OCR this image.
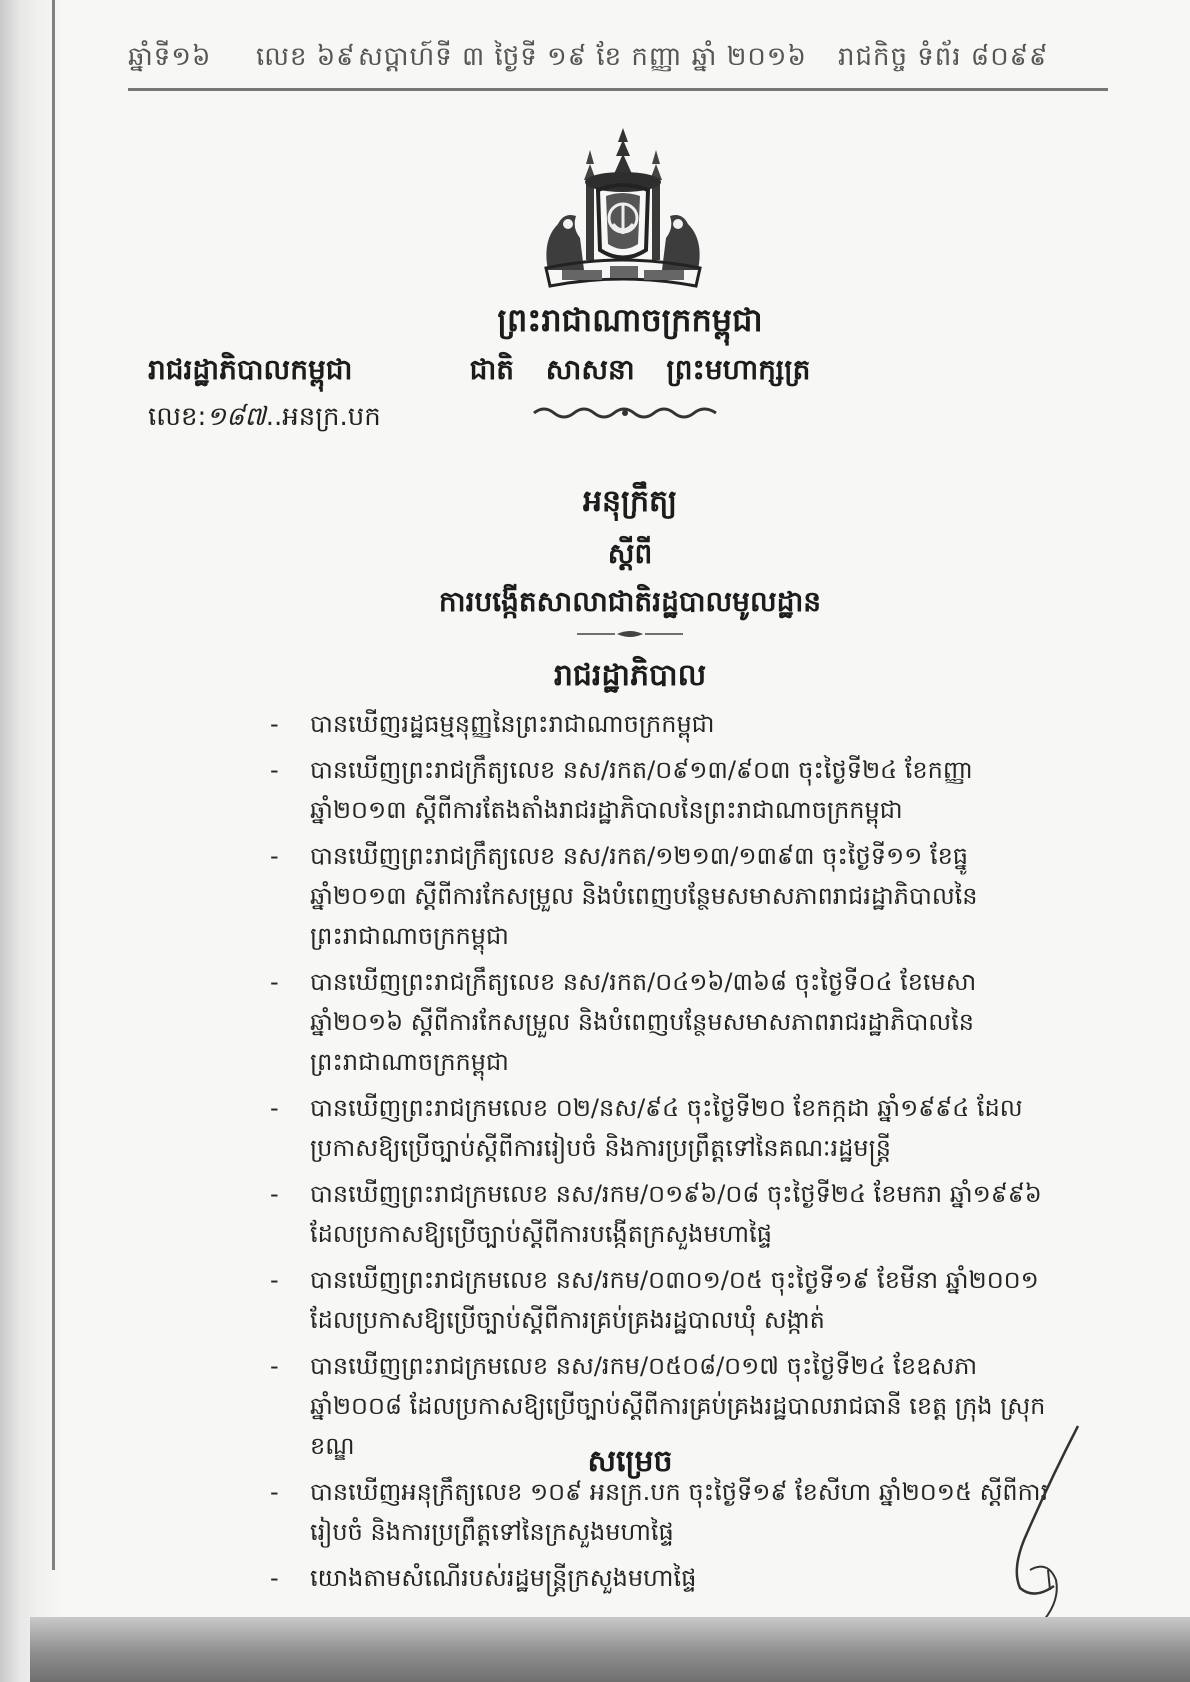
ឆ្នាំទី១៦ លេខ ៦៩ សប្ដាហ៍ទី ៣ ថ្ងៃទី ១៩ ខែ កញ្ញា ឆ្នាំ ២០១៦ រាជកិច្ច ទំព័រ ៨០៩៩
ព្រះរាជាណាចក្រកម្ពុជា
ជាតិ សាសនា ព្រះមហាក្សត្រ
រាជរដ្ឋាភិបាលកម្ពុជា
លេខ:១៨៧..អនក្រ.បក
អនុក្រឹត្យ
ស្ដីពី
ការបង្កើតសាលាជាតិរដ្ឋបាលមូលដ្ឋាន
រាជរដ្ឋាភិបាល
- បានឃើញរដ្ឋធម្មនុញ្ញនៃព្រះរាជាណាចក្រកម្ពុជា
- បានឃើញព្រះរាជក្រឹត្យលេខ នស/រកត/០៩១៣/៩០៣ ចុះថ្ងៃទី២៤ ខែកញ្ញា ឆ្នាំ២០១៣ ស្ដីពីការតែងតាំងរាជរដ្ឋាភិបាលនៃព្រះរាជាណាចក្រកម្ពុជា
- បានឃើញព្រះរាជក្រឹត្យលេខ នស/រកត/១២១៣/១៣៩៣ ចុះថ្ងៃទី១១ ខែធ្នូ ឆ្នាំ២០១៣ ស្ដីពីការកែសម្រួល និងបំពេញបន្ថែមសមាសភាពរាជរដ្ឋាភិបាលនៃព្រះរាជាណាចក្រកម្ពុជា
- បានឃើញព្រះរាជក្រឹត្យលេខ នស/រកត/០៤១៦/៣៦៨ ចុះថ្ងៃទី០៤ ខែមេសា ឆ្នាំ២០១៦ ស្ដីពីការកែសម្រួល និងបំពេញបន្ថែមសមាសភាពរាជរដ្ឋាភិបាលនៃព្រះរាជាណាចក្រកម្ពុជា
- បានឃើញព្រះរាជក្រមលេខ ០២/នស/៩៤ ចុះថ្ងៃទី២០ ខែកក្កដា ឆ្នាំ១៩៩៤ ដែលប្រកាសឱ្យប្រើច្បាប់ស្ដីពីការរៀបចំ និងការប្រព្រឹត្តទៅនៃគណៈរដ្ឋមន្ត្រី
- បានឃើញព្រះរាជក្រមលេខ នស/រកម/០១៩៦/០៨ ចុះថ្ងៃទី២៤ ខែមករា ឆ្នាំ១៩៩៦ ដែលប្រកាសឱ្យប្រើច្បាប់ស្ដីពីការបង្កើតក្រសួងមហាផ្ទៃ
- បានឃើញព្រះរាជក្រមលេខ នស/រកម/០៣០១/០៥ ចុះថ្ងៃទី១៩ ខែមីនា ឆ្នាំ២០០១ ដែលប្រកាសឱ្យប្រើច្បាប់ស្ដីពីការគ្រប់គ្រងរដ្ឋបាលឃុំ សង្កាត់
- បានឃើញព្រះរាជក្រមលេខ នស/រកម/០៥០៨/០១៧ ចុះថ្ងៃទី២៤ ខែឧសភា ឆ្នាំ២០០៨ ដែលប្រកាសឱ្យប្រើច្បាប់ស្ដីពីការគ្រប់គ្រងរដ្ឋបាលរាជធានី ខេត្ត ក្រុង ស្រុក ខណ្ឌ
- បានឃើញអនុក្រឹត្យលេខ ១០៩ អនក្រ.បក ចុះថ្ងៃទី១៩ ខែសីហា ឆ្នាំ២០១៥ ស្ដីពីការរៀបចំ និងការប្រព្រឹត្តទៅនៃក្រសួងមហាផ្ទៃ
- យោងតាមសំណើរបស់រដ្ឋមន្ត្រីក្រសួងមហាផ្ទៃ
សម្រេច
